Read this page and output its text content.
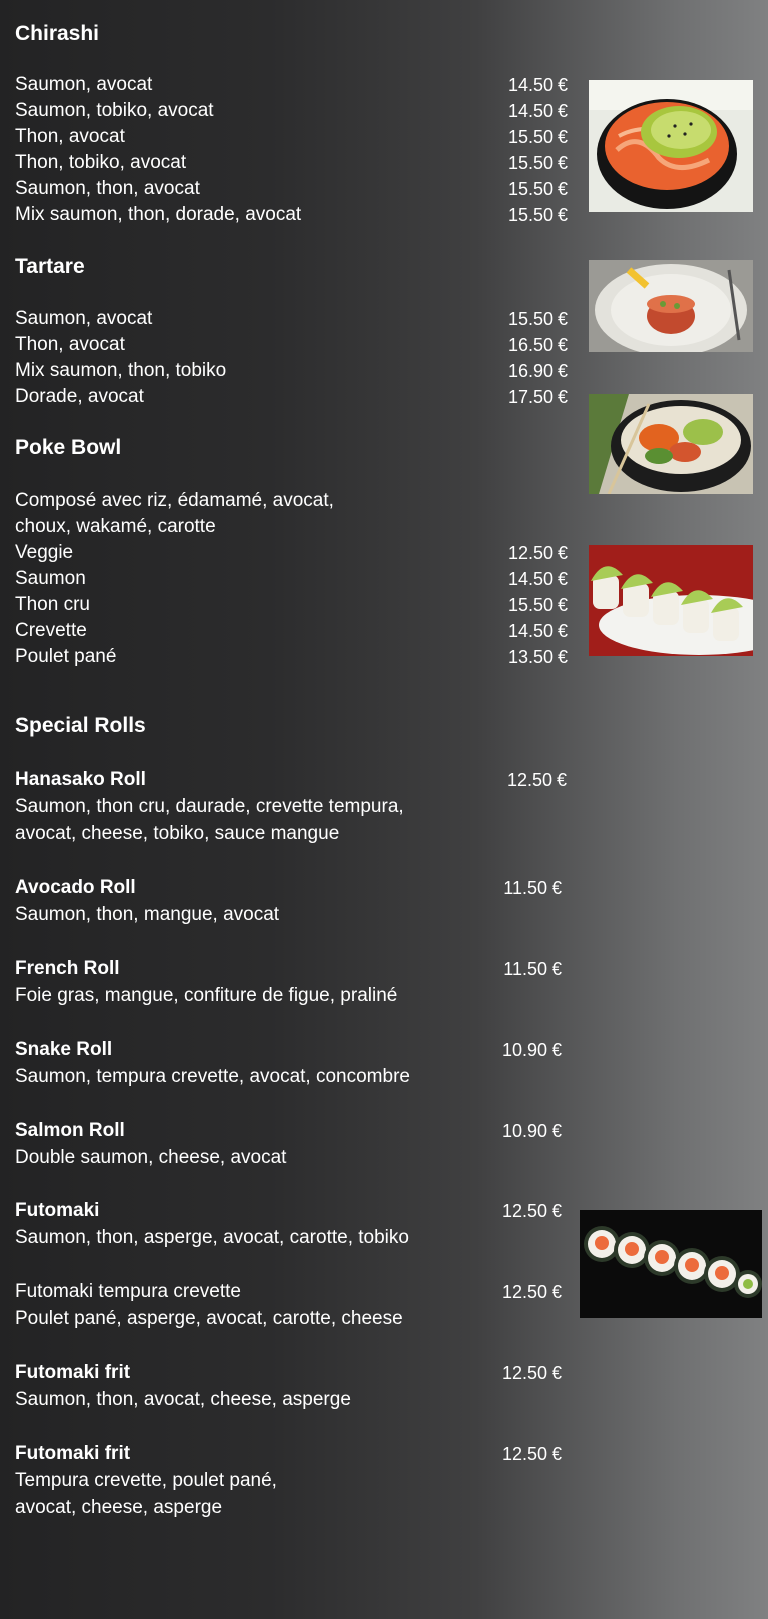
Chirashi
Saumon, avocat	14.50 €
Saumon, tobiko, avocat	14.50 €
Thon, avocat	15.50 €
Thon, tobiko, avocat	15.50 €
Saumon, thon, avocat	15.50 €
Mix saumon, thon, dorade, avocat	15.50 €
Tartare
Saumon, avocat	15.50 €
Thon, avocat	16.50 €
Mix saumon, thon, tobiko	16.90 €
Dorade, avocat	17.50 €
Poke Bowl
Composé avec riz, édamamé, avocat,
choux, wakamé, carotte
Veggie	12.50 €
Saumon	14.50 €
Thon cru	15.50 €
Crevette	14.50 €
Poulet pané	13.50 €
Special Rolls
Hanasako Roll	12.50 €
Saumon, thon cru, daurade, crevette tempura,
avocat, cheese, tobiko, sauce mangue
Avocado Roll	11.50 €
Saumon, thon, mangue, avocat
French Roll	11.50 €
Foie gras, mangue, confiture de figue, praliné
Snake Roll	10.90 €
Saumon, tempura crevette, avocat, concombre
Salmon Roll	10.90 €
Double saumon, cheese, avocat
Futomaki	12.50 €
Saumon, thon, asperge, avocat, carotte, tobiko
Futomaki tempura crevette	12.50 €
Poulet pané, asperge, avocat, carotte, cheese
Futomaki frit	12.50 €
Saumon, thon, avocat, cheese, asperge
Futomaki frit	12.50 €
Tempura crevette, poulet pané,
avocat, cheese, asperge
